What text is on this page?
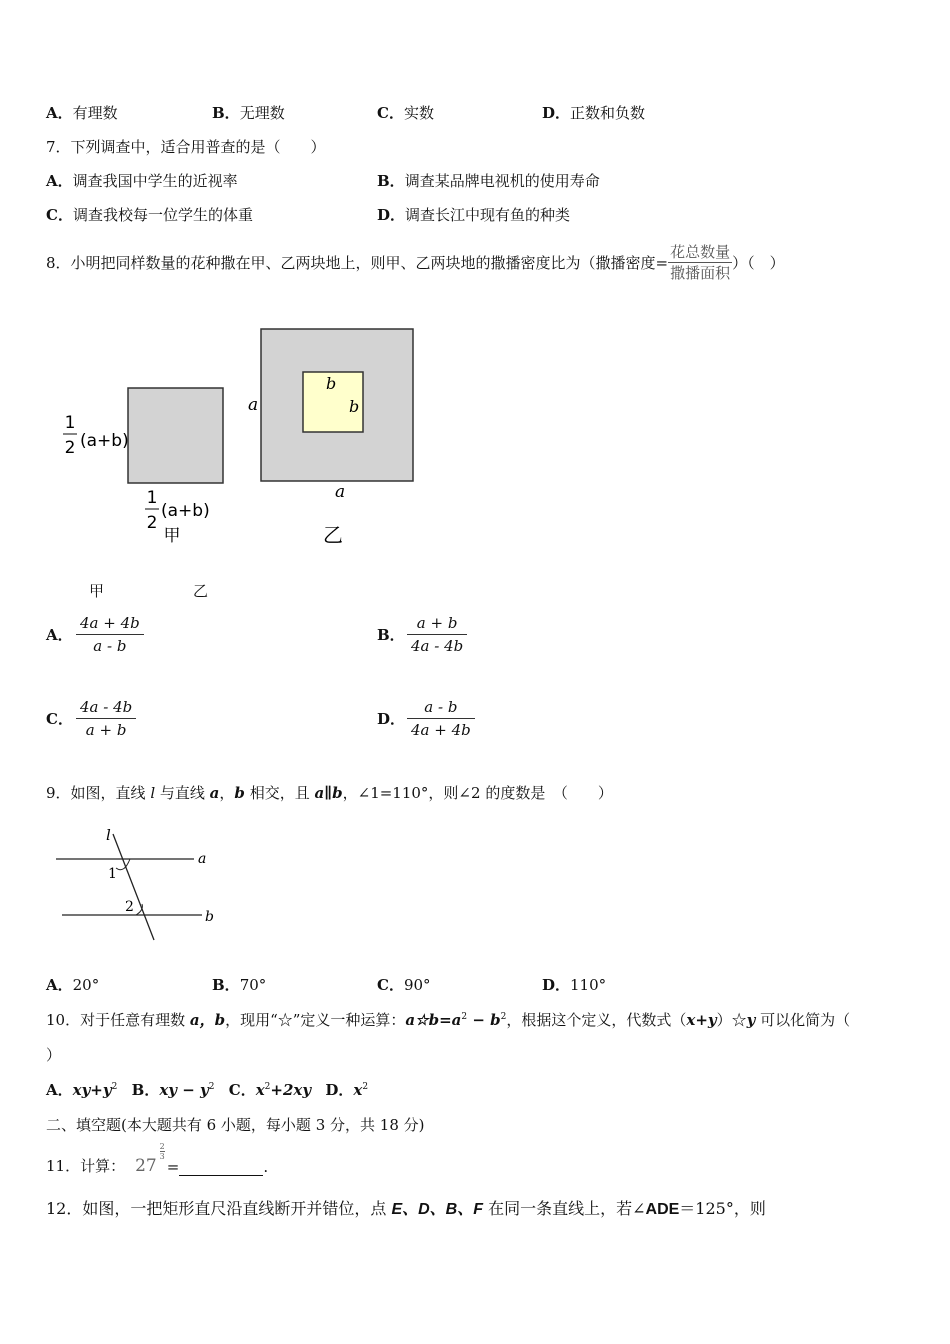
A．有理数	B．无理数	C．实数	D．正数和负数
7．下列调查中，适合用普查的是（　　）
A．调查我国中学生的近视率	B．调查某品牌电视机的使用寿命
C．调查我校每一位学生的体重	D．调查长江中现有鱼的种类
8．小明把同样数量的花种撒在甲、乙两块地上，则甲、乙两块地的撒播密度比为（撒播密度= $\frac{\text{花总数量}}{\text{撒播面积}}$ ）（　）
1
2 (a+b)
1
2
(a+b)
甲
a
a
b
b
乙
甲	乙
A． $\frac{4a + 4b}{a - b}$	B． $\frac{a + b}{4a - 4b}$
C． $\frac{4a - 4b}{a + b}$	D． $\frac{a - b}{4a + 4b}$
9．如图，直线 l 与直线 a，b 相交，且 a∥b，∠1=110°，则∠2 的度数是　（　　）
l
a
b
1
2
A．20°	B．70°	C．90°	D．110°
10．对于任意有理数 a，b，现用“☆”定义一种运算：$a☆b=a^2 - b^2$，根据这个定义，代数式（x+y）☆y 可以化简为（
）
A．$xy+y^2$ B．xy − $y^2$ C．$x^2+2xy$ D．$x^2$
二、填空题(本大题共有 6 小题，每小题 3 分，共 18 分)
11．计算： 27
$\frac{2}{3}$
=	.
12．如图，一把矩形直尺沿直线断开并错位，点 E、D、B、F 在同一条直线上，若∠ADE＝125°，则
